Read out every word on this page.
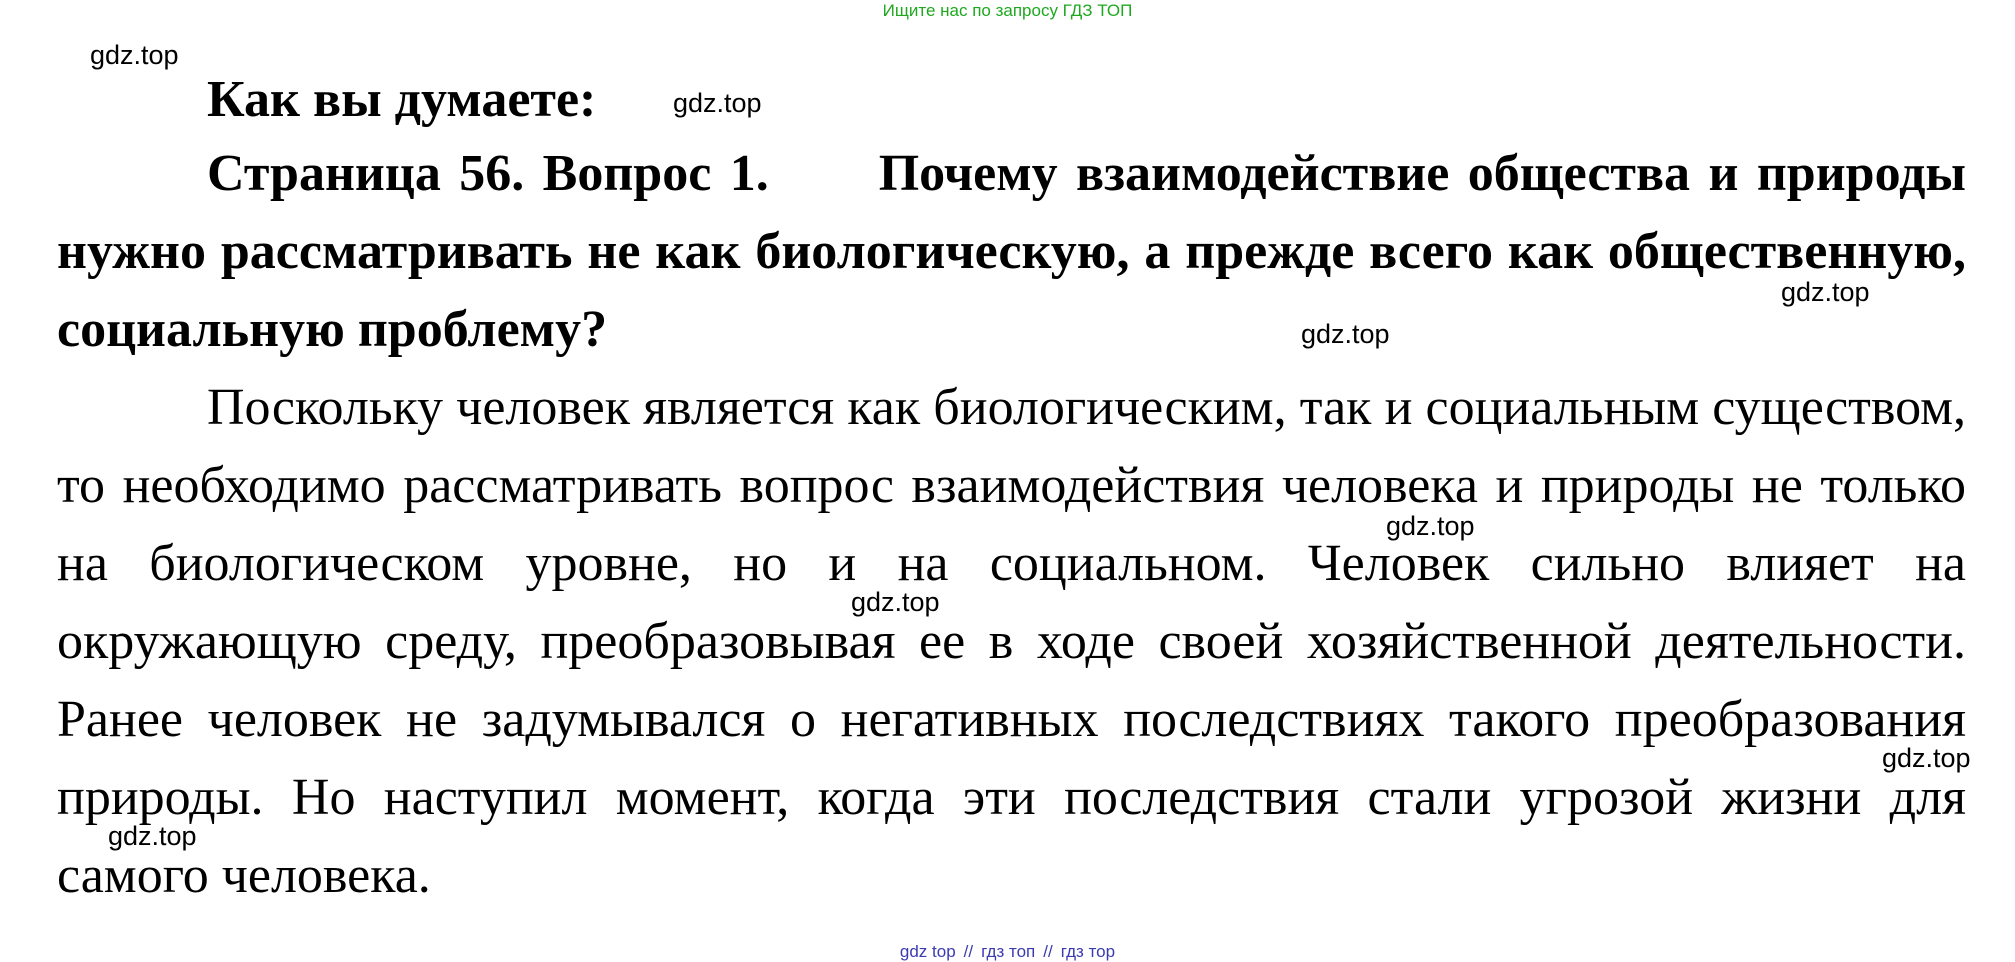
Ищите нас по запросу ГДЗ ТОП
gdz.top
gdz.top
gdz.top
gdz.top
gdz.top
gdz.top
gdz.top
gdz.top
Как вы думаете:

Страница 56. Вопрос 1. Почему взаимодействие общества и природы нужно рассматривать не как биологическую, а прежде всего как общественную, социальную проблему?

Поскольку человек является как биологическим, так и социальным существом, то необходимо рассматривать вопрос взаимодействия человека и природы не только на биологическом уровне, но и на социальном. Человек сильно влияет на окружающую среду, преобразовывая ее в ходе своей хозяйственной деятельности. Ранее человек не задумывался о негативных последствиях такого преобразования природы. Но наступил момент, когда эти последствия стали угрозой жизни для самого человека.

gdz top // гдз топ // гдз тор
